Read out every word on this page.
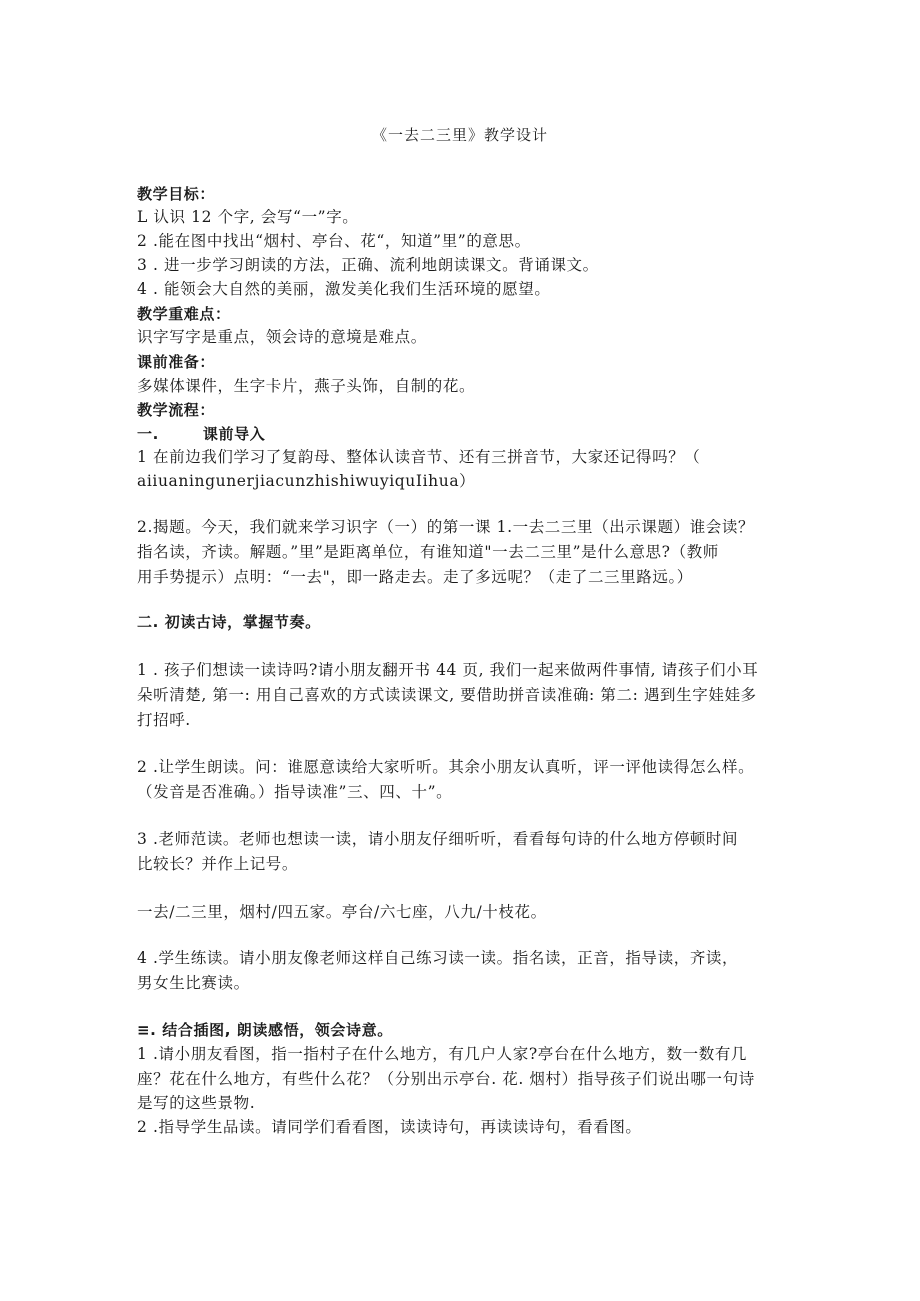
《一去二三里》教学设计
教学目标：
L 认识 12 个字, 会写“一”字。
2 .能在图中找出“烟村、亭台、花“，知道”里”的意思。
3 . 进一步学习朗读的方法，正确、流利地朗读课文。背诵课文。
4 . 能领会大自然的美丽，激发美化我们生活环境的愿望。
教学重难点：
识字写字是重点，领会诗的意境是难点。
课前准备：
多媒体课件，生字卡片，燕子头饰，自制的花。
教学流程：
一.	课前导入
1 在前边我们学习了复韵母、整体认读音节、还有三拼音节，大家还记得吗？（
aiiuaningunerjiacunzhishiwuyiquIihua）
2.揭题。今天，我们就来学习识字（一）的第一课 1.一去二三里（出示课题）谁会读？
指名读，齐读。解题。”里”是距离单位，有谁知道"一去二三里”是什么意思?（教师
用手势提示）点明：“一去"，即一路走去。走了多远呢？（走了二三里路远。）
二. 初读古诗，掌握节奏。
1 . 孩子们想读一读诗吗?请小朋友翻开书 44 页, 我们一起来做两件事情, 请孩子们小耳
朵听清楚, 第一: 用自己喜欢的方式读读课文, 要借助拼音读准确: 第二: 遇到生字娃娃多
打招呼.
2 .让学生朗读。问：谁愿意读给大家听听。其余小朋友认真听，评一评他读得怎么样。
（发音是否准确。）指导读准”三、四、十”。
3 .老师范读。老师也想读一读，请小朋友仔细听听，看看每句诗的什么地方停顿时间
比较长？并作上记号。
一去/二三里，烟村/四五家。亭台/六七座，八九/十枝花。
4 .学生练读。请小朋友像老师这样自己练习读一读。指名读，正音，指导读，齐读，
男女生比赛读。
≡. 结合插图, 朗读感悟，领会诗意。
1 .请小朋友看图，指一指村子在什么地方，有几户人家?亭台在什么地方，数一数有几
座？花在什么地方，有些什么花？（分别出示亭台. 花. 烟村）指导孩子们说出哪一句诗
是写的这些景物.
2 .指导学生品读。请同学们看看图，读读诗句，再读读诗句，看看图。
